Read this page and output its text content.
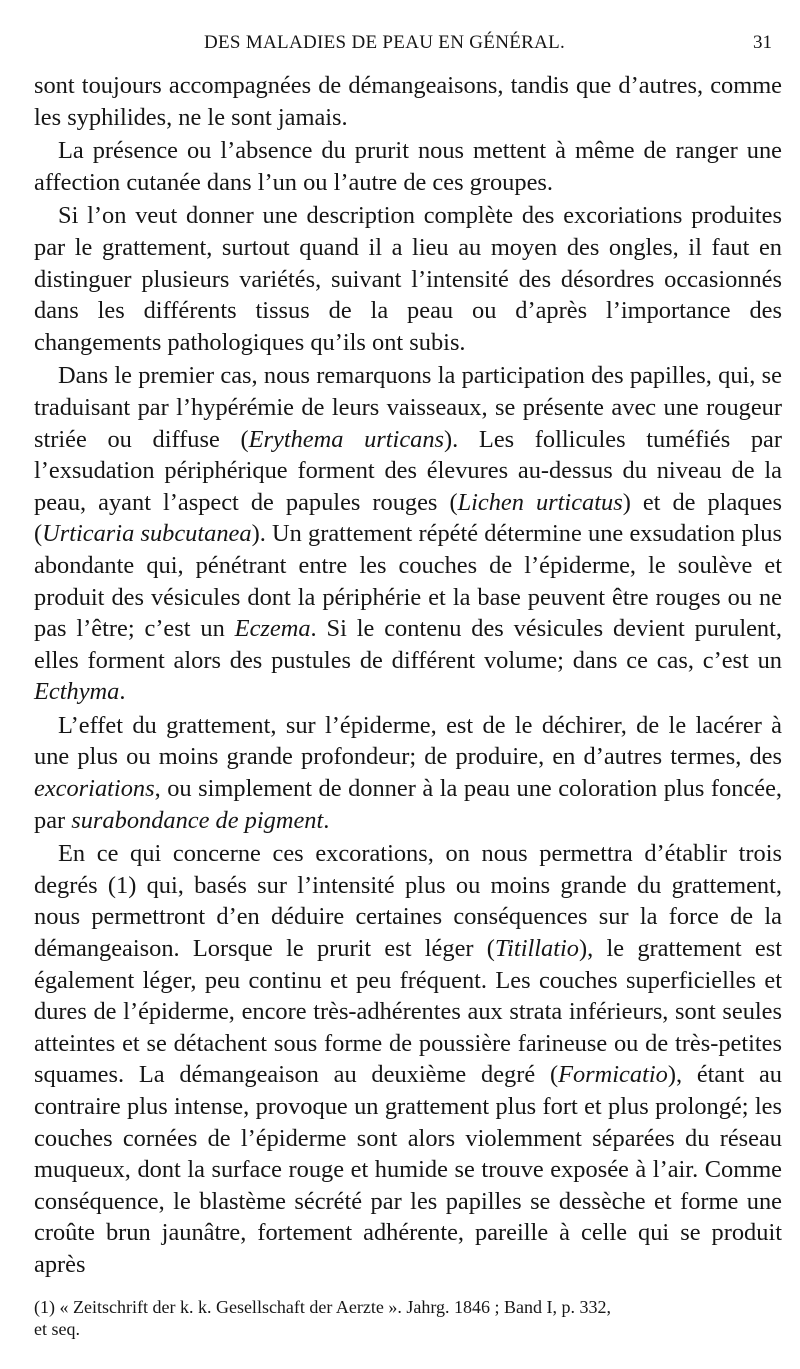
DES MALADIES DE PEAU EN GÉNÉRAL.	31

sont toujours accompagnées de démangeaisons, tandis que d’autres, comme les syphilides, ne le sont jamais.

La présence ou l’absence du prurit nous mettent à même de ranger une affection cutanée dans l’un ou l’autre de ces groupes.

Si l’on veut donner une description complète des excoriations produites par le grattement, surtout quand il a lieu au moyen des ongles, il faut en distinguer plusieurs variétés, suivant l’intensité des désordres occasionnés dans les différents tissus de la peau ou d’après l’importance des changements pathologiques qu’ils ont subis.

Dans le premier cas, nous remarquons la participation des papilles, qui, se traduisant par l’hypérémie de leurs vaisseaux, se présente avec une rougeur striée ou diffuse (Erythema urticans). Les follicules tuméfiés par l’exsudation périphérique forment des élevures au-dessus du niveau de la peau, ayant l’aspect de papules rouges (Lichen urticatus) et de plaques (Urticaria subcutanea). Un grattement répété détermine une exsudation plus abondante qui, pénétrant entre les couches de l’épiderme, le soulève et produit des vésicules dont la périphérie et la base peuvent être rouges ou ne pas l’être; c’est un Eczema. Si le contenu des vésicules devient purulent, elles forment alors des pustules de différent volume; dans ce cas, c’est un Ecthyma.

L’effet du grattement, sur l’épiderme, est de le déchirer, de le lacérer à une plus ou moins grande profondeur; de produire, en d’autres termes, des excoriations, ou simplement de donner à la peau une coloration plus foncée, par surabondance de pigment.

En ce qui concerne ces excorations, on nous permettra d’établir trois degrés (1) qui, basés sur l’intensité plus ou moins grande du grattement, nous permettront d’en déduire certaines conséquences sur la force de la démangeaison. Lorsque le prurit est léger (Titillatio), le grattement est également léger, peu continu et peu fréquent. Les couches superficielles et dures de l’épiderme, encore très-adhérentes aux strata inférieurs, sont seules atteintes et se détachent sous forme de poussière farineuse ou de très-petites squames. La démangeaison au deuxième degré (Formicatio), étant au contraire plus intense, provoque un grattement plus fort et plus prolongé; les couches cornées de l’épiderme sont alors violemment séparées du réseau muqueux, dont la surface rouge et humide se trouve exposée à l’air. Comme conséquence, le blastème sécrété par les papilles se dessèche et forme une croûte brun jaunâtre, fortement adhérente, pareille à celle qui se produit après

(1) « Zeitschrift der k. k. Gesellschaft der Aerzte ». Jahrg. 1846 ; Band I, p. 332,
et seq.
